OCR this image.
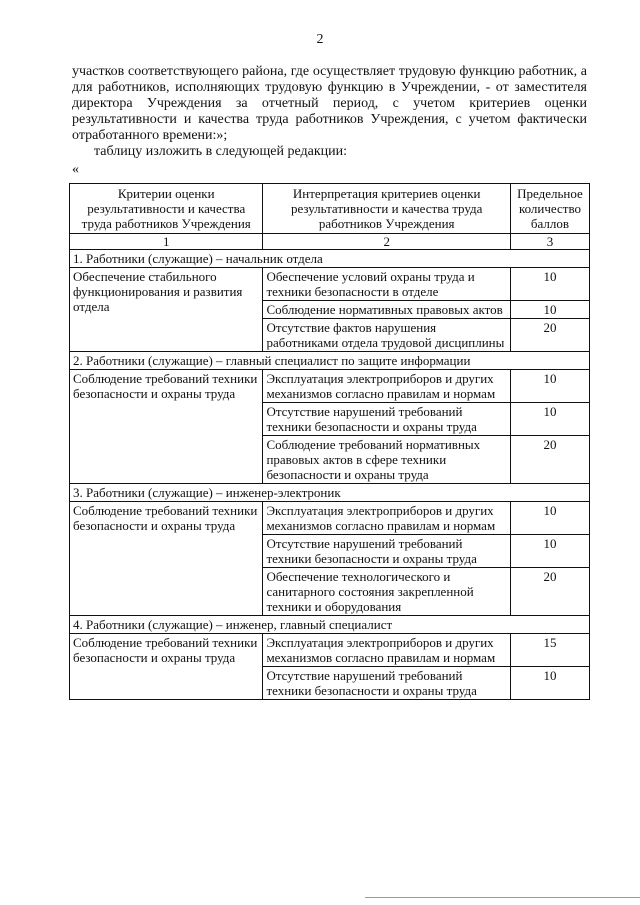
2

участков соответствующего района, где осуществляет трудовую функцию работник, а для работников, исполняющих трудовую функцию в Учреждении, - от заместителя директора Учреждения за отчетный период, с учетом критериев оценки результативности и качества труда работников Учреждения, с учетом фактически отработанного времени:»;

таблицу изложить в следующей редакции:

«
Критерии оценки результативности и качества труда работников Учреждения	Интерпретация критериев оценки результативности и качества труда работников Учреждения	Предельное количество баллов
1	2	3
1. Работники (служащие) – начальник отдела		
Обеспечение стабильного функционирования и развития отдела	Обеспечение условий охраны труда и техники безопасности в отделе	10
	Соблюдение нормативных правовых актов	10
	Отсутствие фактов нарушения работниками отдела трудовой дисциплины	20
2. Работники (служащие) – главный специалист по защите информации		
Соблюдение требований техники безопасности и охраны труда	Эксплуатация электроприборов и других механизмов согласно правилам и нормам	10
	Отсутствие нарушений требований техники безопасности и охраны труда	10
	Соблюдение требований нормативных правовых актов в сфере техники безопасности и охраны труда	20
3. Работники (служащие) – инженер-электроник		
Соблюдение требований техники безопасности и охраны труда	Эксплуатация электроприборов и других механизмов согласно правилам и нормам	10
	Отсутствие нарушений требований техники безопасности и охраны труда	10
	Обеспечение технологического и санитарного состояния закрепленной техники и оборудования	20
4. Работники (служащие) – инженер, главный специалист		
Соблюдение требований техники безопасности и охраны труда	Эксплуатация электроприборов и других механизмов согласно правилам и нормам	15
	Отсутствие нарушений требований техники безопасности и охраны труда	10
